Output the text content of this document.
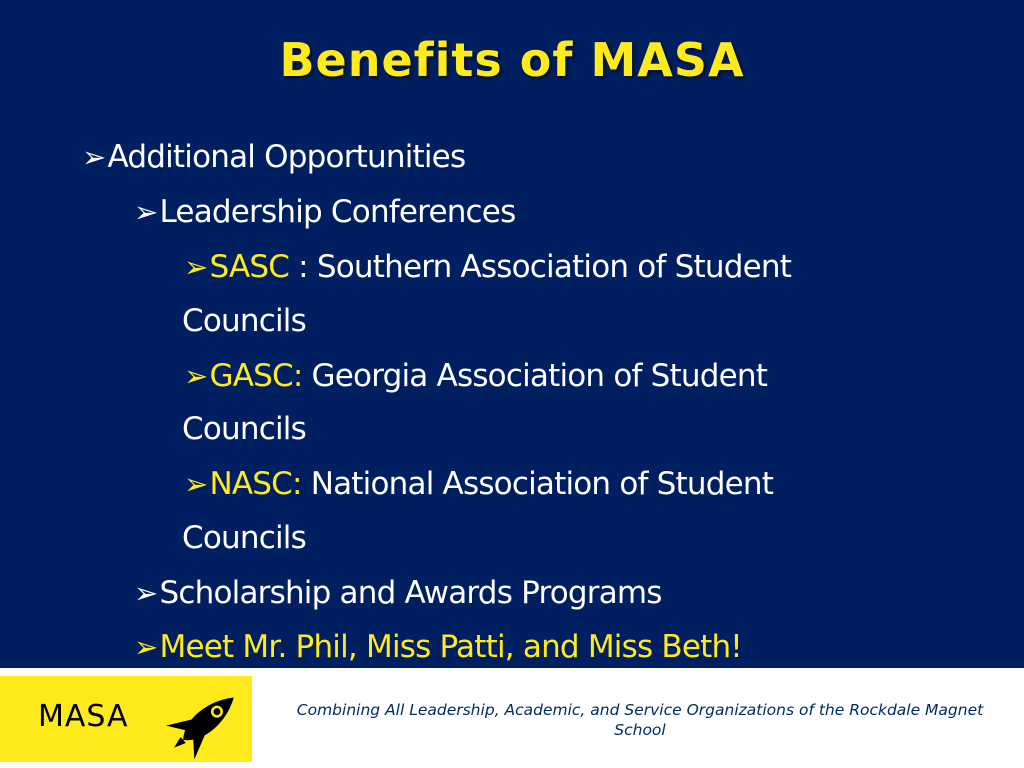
Benefits of MASA
➢Additional Opportunities
➢Leadership Conferences
➢SASC : Southern Association of Student
Councils
➢GASC: Georgia Association of Student
Councils
➢NASC: National Association of Student
Councils
➢Scholarship and Awards Programs
➢Meet Mr. Phil, Miss Patti, and Miss Beth!
MASA	Combining All Leadership, Academic, and Service Organizations of the Rockdale Magnet School
